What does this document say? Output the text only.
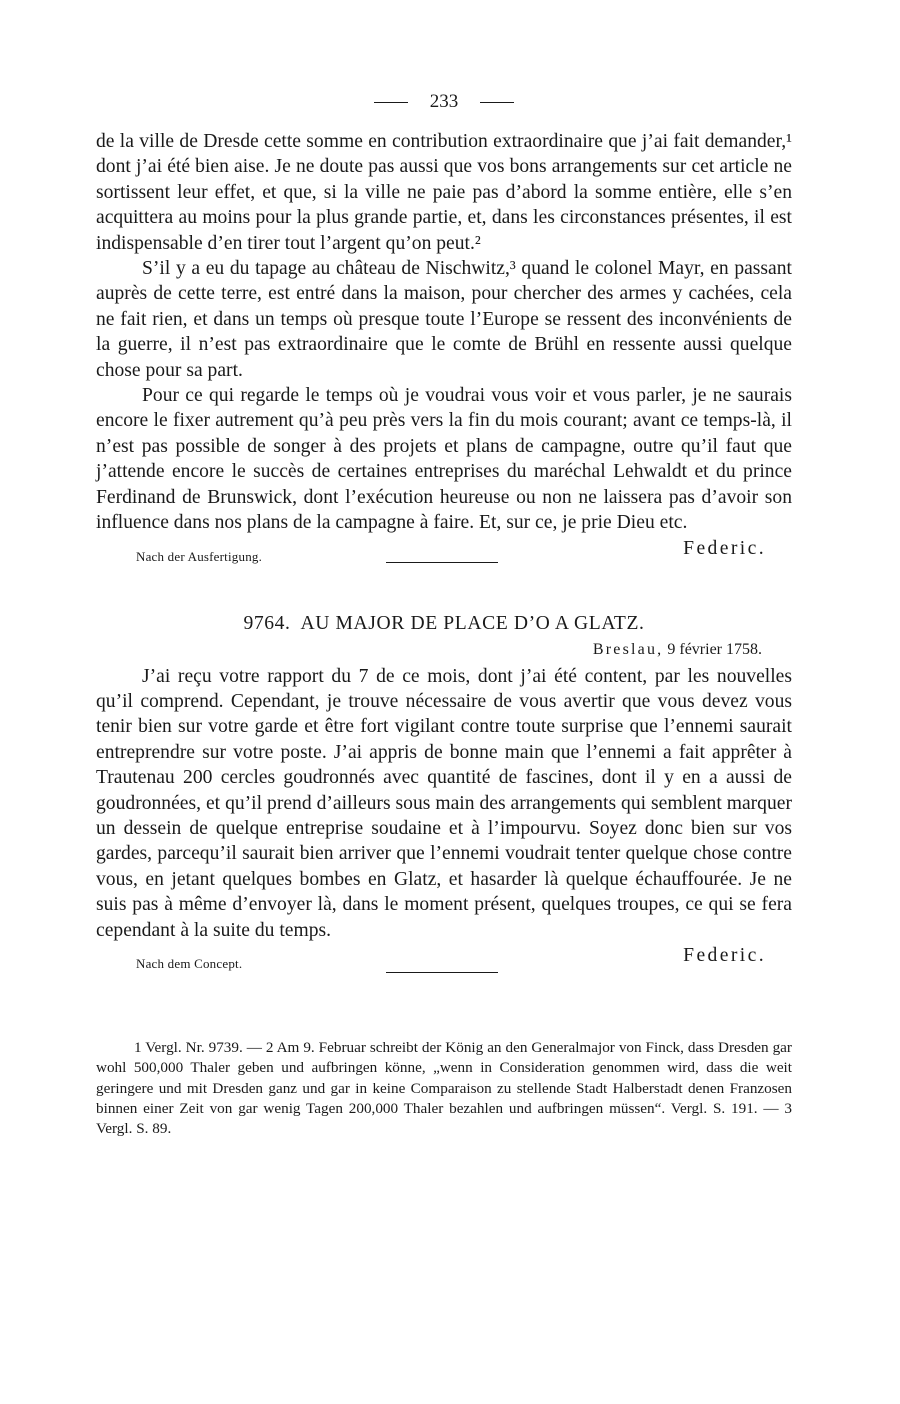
233

de la ville de Dresde cette somme en contribution extraordinaire que j’ai fait demander,¹ dont j’ai été bien aise. Je ne doute pas aussi que vos bons arrangements sur cet article ne sortissent leur effet, et que, si la ville ne paie pas d’abord la somme entière, elle s’en acquittera au moins pour la plus grande partie, et, dans les circonstances présentes, il est indispensable d’en tirer tout l’argent qu’on peut.²

S’il y a eu du tapage au château de Nischwitz,³ quand le colonel Mayr, en passant auprès de cette terre, est entré dans la maison, pour chercher des armes y cachées, cela ne fait rien, et dans un temps où presque toute l’Europe se ressent des inconvénients de la guerre, il n’est pas extraordinaire que le comte de Brühl en ressente aussi quelque chose pour sa part.

Pour ce qui regarde le temps où je voudrai vous voir et vous parler, je ne saurais encore le fixer autrement qu’à peu près vers la fin du mois courant; avant ce temps-là, il n’est pas possible de songer à des projets et plans de campagne, outre qu’il faut que j’attende encore le succès de certaines entreprises du maréchal Lehwaldt et du prince Ferdinand de Brunswick, dont l’exécution heureuse ou non ne laissera pas d’avoir son influence dans nos plans de la campagne à faire. Et, sur ce, je prie Dieu etc.

Nach der Ausfertigung.	Federic.
9764. AU MAJOR DE PLACE D’O A GLATZ.
Breslau, 9 février 1758.

J’ai reçu votre rapport du 7 de ce mois, dont j’ai été content, par les nouvelles qu’il comprend. Cependant, je trouve nécessaire de vous avertir que vous devez vous tenir bien sur votre garde et être fort vigilant contre toute surprise que l’ennemi saurait entreprendre sur votre poste. J’ai appris de bonne main que l’ennemi a fait apprêter à Trautenau 200 cercles goudronnés avec quantité de fascines, dont il y en a aussi de goudronnées, et qu’il prend d’ailleurs sous main des arrangements qui semblent marquer un dessein de quelque entreprise soudaine et à l’impourvu. Soyez donc bien sur vos gardes, parcequ’il saurait bien arriver que l’ennemi voudrait tenter quelque chose contre vous, en jetant quelques bombes en Glatz, et hasarder là quelque échauffourée. Je ne suis pas à même d’envoyer là, dans le moment présent, quelques troupes, ce qui se fera cependant à la suite du temps.

Nach dem Concept.	Federic.

1 Vergl. Nr. 9739. — 2 Am 9. Februar schreibt der König an den Generalmajor von Finck, dass Dresden gar wohl 500,000 Thaler geben und aufbringen könne, „wenn in Consideration genommen wird, dass die weit geringere und mit Dresden ganz und gar in keine Comparaison zu stellende Stadt Halberstadt denen Franzosen binnen einer Zeit von gar wenig Tagen 200,000 Thaler bezahlen und aufbringen müssen“. Vergl. S. 191. — 3 Vergl. S. 89.
